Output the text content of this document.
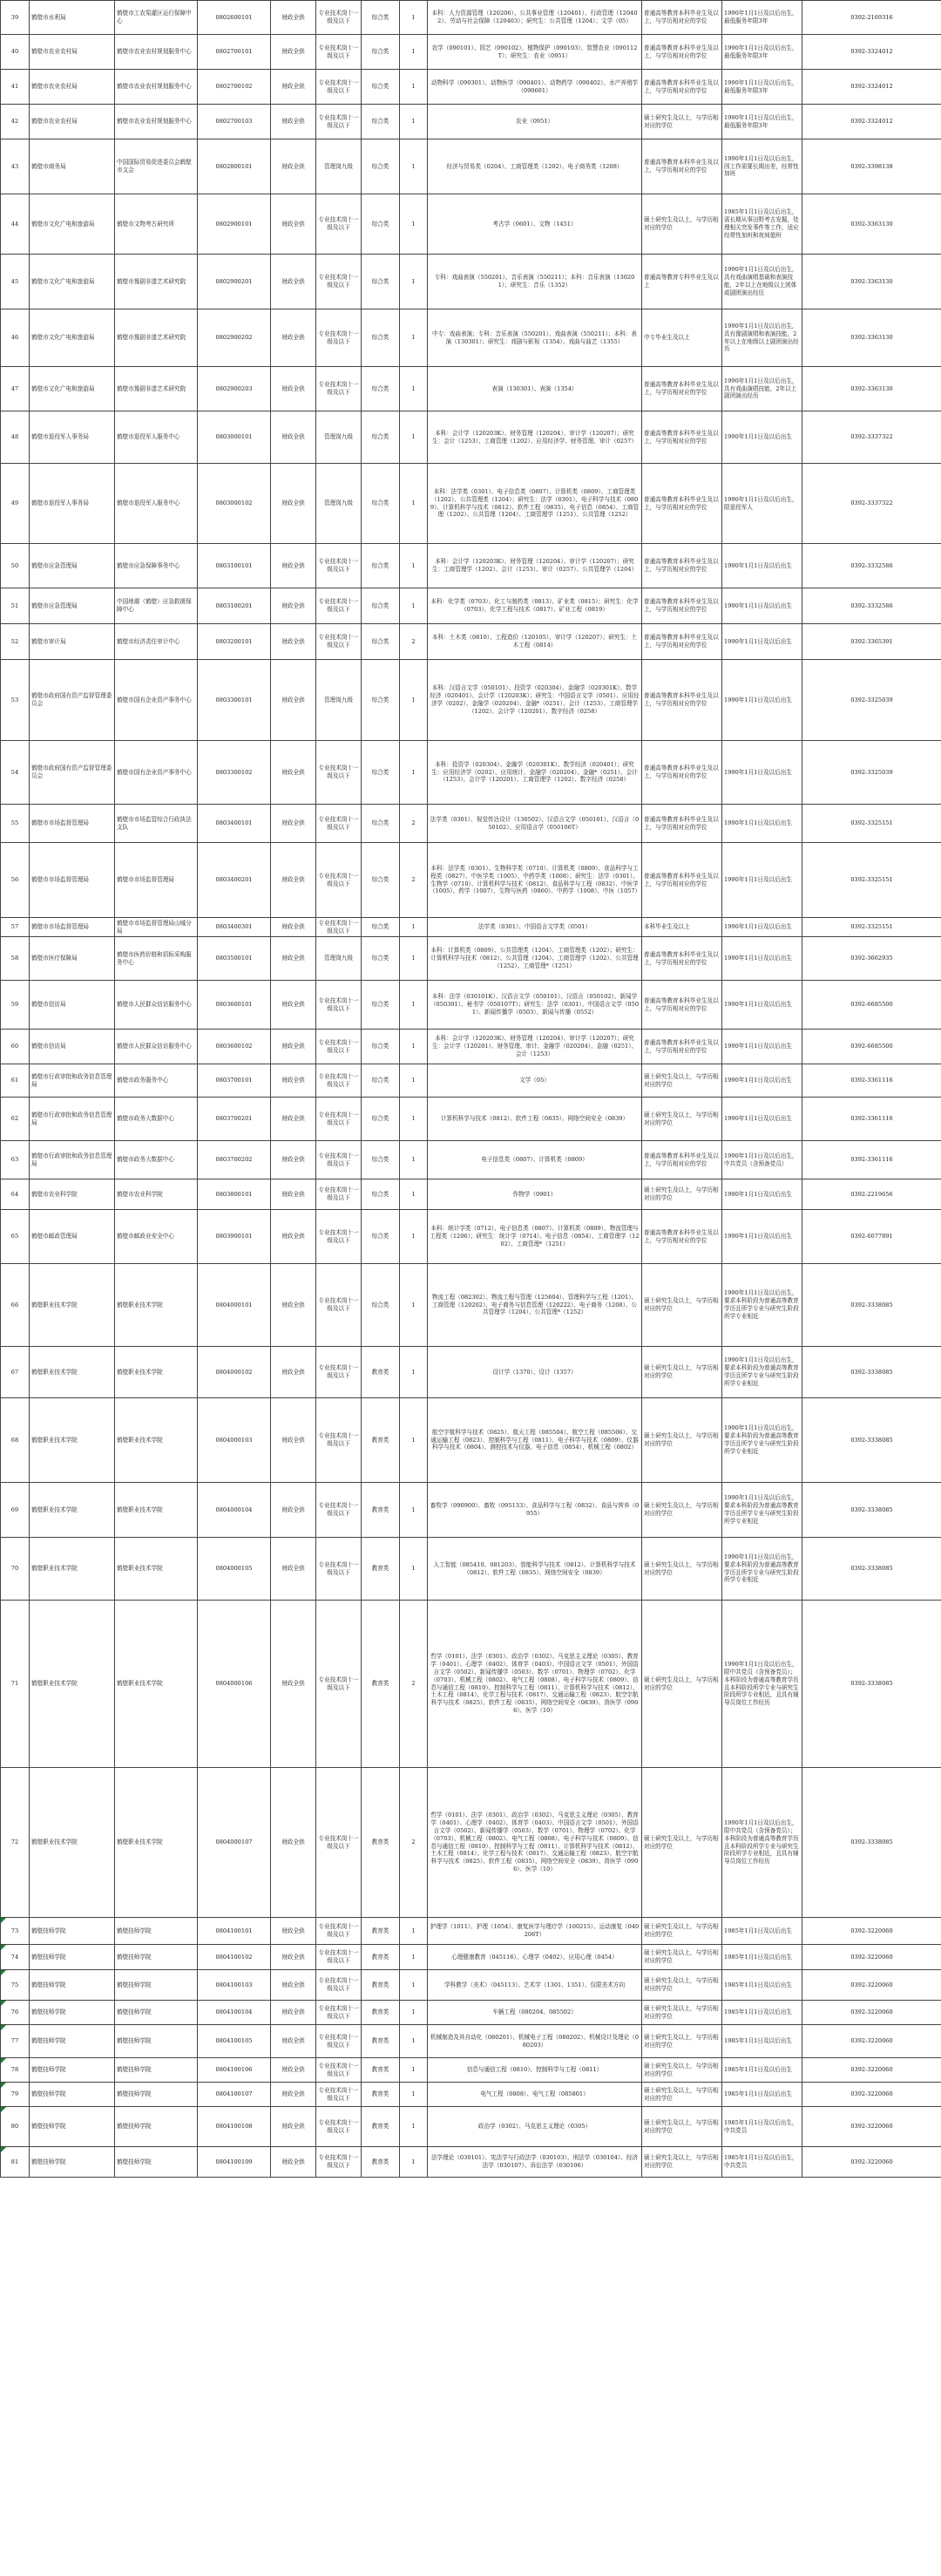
39	鹤壁市水利局	鹤壁市工农渠灌区运行保障中心	0802600101	财政全供	专业技术岗十一级及以下	综合类	1	本科：人力资源管理（120206）、公共事业管理（120401）、行政管理（120402）、劳动与社会保障（120403）；研究生：公共管理（1204）；文学（05）	普通高等教育本科毕业生及以上，与学历相对应的学位	1990年1月1日及以后出生，最低服务年限3年	0392-2169316
40	鹤壁市农业农村局	鹤壁市农业农村规划服务中心	0802700101	财政全供	专业技术岗十一级及以下	综合类	1	农学（090101）、园艺（090102）、植物保护（090103）、智慧农业（090112T）；研究生：农业（0951）	普通高等教育本科毕业生及以上，与学历相对应的学位	1990年1月1日及以后出生，最低服务年限3年	0392-3324012
41	鹤壁市农业农村局	鹤壁市农业农村规划服务中心	0802700102	财政全供	专业技术岗十一级及以下	综合类	1	动物科学（090301）、动物医学（090401）、动物药学（090402）、水产养殖学（090601）	普通高等教育本科毕业生及以上，与学历相对应的学位	1990年1月1日及以后出生，最低服务年限3年	0392-3324012
42	鹤壁市农业农村局	鹤壁市农业农村规划服务中心	0802700103	财政全供	专业技术岗十一级及以下	综合类	1	农业（0951）	硕士研究生及以上，与学历相对应的学位	1990年1月1日及以后出生，最低服务年限3年	0392-3324012
43	鹤壁市商务局	中国国际贸易促进委员会鹤壁市支会	0802800101	财政全供	管理岗九级	综合类	1	经济与贸易类（0204）、工商管理类（1202）、电子商务类（1208）	普通高等教育本科毕业生及以上，与学历相对应的学位	1990年1月1日及以后出生，因工作需要长期出差，经常性加班	0392-3398138
44	鹤壁市文化广电和旅游局	鹤壁市文物考古研究所	0802900101	财政全供	专业技术岗十一级及以下	综合类	1	考古学（0601）、文物（1451）	硕士研究生及以上，与学历相对应的学位	1985年1月1日及以后出生，需长期从事田野考古发掘，处理相关突发事件等工作，适应经常性加班和夜间值班	0392-3363130
45	鹤壁市文化广电和旅游局	鹤壁市豫剧非遗艺术研究院	0802900201	财政全供	专业技术岗十一级及以下	综合类	1	专科：戏曲表演（550201）、音乐表演（550211）；本科：音乐表演（130201）；研究生：音乐（1352）	普通高等教育专科毕业生及以上	1990年1月1日及以后出生，具有戏曲演唱基础和表演技能，2年以上在地级以上团体或剧团演出经历	0392-3363130
46	鹤壁市文化广电和旅游局	鹤壁市豫剧非遗艺术研究院	0802900202	财政全供	专业技术岗十一级及以下	综合类	1	中专：戏曲表演；专科：音乐表演（550201）、戏曲表演（550211）；本科：表演（130301）；研究生：戏剧与影视（1354）、戏曲与曲艺（1355）	中专毕业生及以上	1990年1月1日及以后出生，具有豫剧演唱和表演技能，2年以上在地级以上剧团演出经历	0392-3363130
47	鹤壁市文化广电和旅游局	鹤壁市豫剧非遗艺术研究院	0802900203	财政全供	专业技术岗十一级及以下	综合类	1	表演（130301）、表演（1354）	普通高等教育本科毕业生及以上，与学历相对应的学位	1990年1月1日及以后出生，具有戏曲演唱技能，2年以上剧团演出经历	0392-3363130
48	鹤壁市退役军人事务局	鹤壁市退役军人服务中心	0803000101	财政全供	管理岗九级	综合类	1	本科：会计学（120203K）、财务管理（120204）、审计学（120207）；研究生：会计（1253）、工商管理（1202）、应用经济学、财务管理、审计（0257）	普通高等教育本科毕业生及以上，与学历相对应的学位	1990年1月1日及以后出生	0392-3337322
49	鹤壁市退役军人事务局	鹤壁市退役军人服务中心	0803000102	财政全供	管理岗九级	综合类	1	本科：法学类（0301）、电子信息类（0807）、计算机类（0809）、工商管理类（1202）、公共管理类（1204）；研究生：法学（0301）、电子科学与技术（0809）、计算机科学与技术（0812）、软件工程（0835）、电子信息（0854）、工商管理（1202）、公共管理（1204）、工商管理学（1251）、公共管理（1252）	普通高等教育本科毕业生及以上，与学历相对应的学位	1990年1月1日及以后出生，限退役军人	0392-3337322
50	鹤壁市应急管理局	鹤壁市应急保障事务中心	0803100101	财政全供	专业技术岗十一级及以下	综合类	1	本科：会计学（120203K）、财务管理（120204）、审计学（120207）；研究生：工商管理学（1202）、会计（1253）、审计（0257）、公共管理学（1204）	普通高等教育本科毕业生及以上，与学历相对应的学位	1990年1月1日及以后出生	0392-3332586
51	鹤壁市应急管理局	中国地震（鹤壁）应急救援保障中心	0803100201	财政全供	专业技术岗十一级及以下	综合类	1	本科：化学类（0703）、化工与制药类（0813）、矿业类（0815）；研究生：化学（0703）、化学工程与技术（0817）、矿业工程（0819）	普通高等教育本科毕业生及以上，与学历相对应的学位	1990年1月1日及以后出生	0392-3332586
52	鹤壁市审计局	鹤壁市经济责任审计中心	0803200101	财政全供	专业技术岗十一级及以下	综合类	2	本科：土木类（0810）、工程造价（120105）、审计学（120207）；研究生：土木工程（0814）	普通高等教育本科毕业生及以上，与学历相对应的学位	1990年1月1日及以后出生	0392-3365391
53	鹤壁市政府国有资产监督管理委员会	鹤壁市国有企业资产事务中心	0803300101	财政全供	管理岗九级	综合类	1	本科：汉语言文学（050101）、投资学（020304）、金融学（020301K）、数学经济（020401）、会计学（120203K）；研究生：中国语言文学（0501）、应用经济学（0202）、金融学（020204）、金融*（0251）、会计（1253）、工商管理学（1202）、会计学（120201）、数字经济（0258）	普通高等教育本科毕业生及以上，与学历相对应的学位	1990年1月1日及以后出生	0392-3325039
54	鹤壁市政府国有资产监督管理委员会	鹤壁市国有企业资产事务中心	0803300102	财政全供	专业技术岗十一级及以下	综合类	1	本科：投资学（020304）、金融学（020301K）、数学经济（020401）；研究生：应用经济学（0202）、应用统计、金融学（020204）、金融*（0251）、会计（1253）、会计学（120201）、工商管理学（1202）、数字经济（0258）	普通高等教育本科毕业生及以上，与学历相对应的学位	1990年1月1日及以后出生	0392-3325039
55	鹤壁市市场监督管理局	鹤壁市市场监管综合行政执法支队	0803400101	财政全供	专业技术岗十一级及以下	综合类	2	法学类（0301）、视觉传达设计（130502）、汉语言文学（050101）、汉语言（050102）、应用语言学（050106T）	普通高等教育本科毕业生及以上，与学历相对应的学位	1990年1月1日及以后出生	0392-3325151
56	鹤壁市市场监督管理局	鹤壁市市场监督管理局	0803400201	财政全供	专业技术岗十一级及以下	综合类	2	本科：法学类（0301）、生物科学类（0710）、计算机类（0809）、食品科学与工程类（0827）、中医学类（1005）、中药学类（1008）；研究生：法学（0301）、生物学（0710）、计算机科学与技术（0812）、食品科学与工程（0832）、中医学（1005）、药学（1007）、生物与医药（0860）、中药学（1008）、中医（1057）	普通高等教育本科毕业生及以上，与学历相对应的学位	1990年1月1日及以后出生	0392-3325151
57	鹤壁市市场监督管理局	鹤壁市市场监督管理局山城分局	0803400301	财政全供	专业技术岗十一级及以下	综合类	1	法学类（0301）、中国语言文学类（0501）	本科毕业生及以上	1990年1月1日及以后出生	0392-3325151
58	鹤壁市医疗保障局	鹤壁市医药价格和招标采购服务中心	0803500101	财政全供	管理岗九级	综合类	1	本科：计算机类（0809）、公共管理类（1204）、工商管理类（1202）；研究生：计算机科学与技术（0812）、公共管理（1204）、工商管理学（1202）、公共管理（1252）、工商管理*（1251）	普通高等教育本科毕业生及以上，与学历相对应的学位	1990年1月1日及以后出生	0392-3662935
59	鹤壁市信访局	鹤壁市人民群众信访服务中心	0803600101	财政全供	专业技术岗十一级及以下	综合类	1	本科：法学（030101K）、汉语言文学（050101）、汉语言（050102）、新闻学（050301）、秘书学（050107T）；研究生：法学（0301）、中国语言文学（0501）、新闻传播学（0503）、新闻与传播（0552）	普通高等教育本科毕业生及以上，与学历相对应的学位	1990年1月1日及以后出生	0392-6685500
60	鹤壁市信访局	鹤壁市人民群众信访服务中心	0803600102	财政全供	专业技术岗十一级及以下	综合类	1	本科：会计学（120203K）、财务管理（120204）、审计学（120207）；研究生：会计学（120201）、财务管理、审计、金融学（020204）、金融（0251）、会计（1253）	普通高等教育本科毕业生及以上，与学历相对应的学位	1990年1月1日及以后出生	0392-6685500
61	鹤壁市行政审批和政务信息管理局	鹤壁市政务服务中心	0803700101	财政全供	专业技术岗十一级及以下	综合类	1	文学（05）	硕士研究生及以上，与学历相对应的学位	1990年1月1日及以后出生	0392-3361116
62	鹤壁市行政审批和政务信息管理局	鹤壁市政务大数据中心	0803700201	财政全供	专业技术岗十一级及以下	综合类	1	计算机科学与技术（0812）、软件工程（0835）、网络空间安全（0839）	硕士研究生及以上，与学历相对应的学位	1990年1月1日及以后出生	0392-3361116
63	鹤壁市行政审批和政务信息管理局	鹤壁市政务大数据中心	0803700202	财政全供	专业技术岗十一级及以下	综合类	1	电子信息类（0807）、计算机类（0809）	普通高等教育本科毕业生及以上，与学历相对应的学位	1990年1月1日及以后出生，中共党员（含预备党员）	0392-3361116
64	鹤壁市农业科学院	鹤壁市农业科学院	0803800101	财政全供	专业技术岗十一级及以下	综合类	1	作物学（0901）	硕士研究生及以上，与学历相对应的学位	1990年1月1日及以后出生	0392-2219656
65	鹤壁市邮政管理局	鹤壁市邮政业安全中心	0803900101	财政全供	专业技术岗十一级及以下	综合类	1	本科：统计学类（0712）、电子信息类（0807）、计算机类（0809）、物流管理与工程类（1206）；研究生：统计学（0714）、电子信息（0854）、工商管理学（1202）、工商管理*（1251）	普通高等教育本科毕业生及以上，与学历相对应的学位	1990年1月1日及以后出生	0392-6077891
66	鹤壁职业技术学院	鹤壁职业技术学院	0804000101	财政全供	专业技术岗十一级及以下	综合类	1	物流工程（082302）、物流工程与管理（125604）、管理科学与工程（1201）、工商管理（120202）、电子商务与信息管理（120222）、电子商务（1208）、公共管理学（1204）、公共管理*（1252）	硕士研究生及以上，与学历相对应的学位	1990年1月1日及以后出生，要求本科阶段为普通高等教育学历且所学专业与研究生阶段所学专业相近	0392-3338085
67	鹤壁职业技术学院	鹤壁职业技术学院	0804000102	财政全供	专业技术岗十一级及以下	教育类	1	设计学（1370）、设计（1357）	硕士研究生及以上，与学历相对应的学位	1990年1月1日及以后出生，要求本科阶段为普通高等教育学历且所学专业与研究生阶段所学专业相近	0392-3338085
68	鹤壁职业技术学院	鹤壁职业技术学院	0804000103	财政全供	专业技术岗十一级及以下	教育类	1	航空宇航科学与技术（0825）、航天工程（085504）、航空工程（085506）、交通运输工程（0823）、控制科学与工程（0811）、电子科学与技术（0809）、仪器科学与技术（0804）、测控技术与仪器、电子信息（0854）、机械工程（0802）	硕士研究生及以上，与学历相对应的学位	1990年1月1日及以后出生，要求本科阶段为普通高等教育学历且所学专业与研究生阶段所学专业相近	0392-3338085
69	鹤壁职业技术学院	鹤壁职业技术学院	0804000104	财政全供	专业技术岗十一级及以下	教育类	1	畜牧学（090900）、畜牧（095133）、食品科学与工程（0832）、食品与营养（0955）	硕士研究生及以上，与学历相对应的学位	1990年1月1日及以后出生，要求本科阶段为普通高等教育学历且所学专业与研究生阶段所学专业相近	0392-3338085
70	鹤壁职业技术学院	鹤壁职业技术学院	0804000105	财政全供	专业技术岗十一级及以下	教育类	1	人工智能（085410、081203）、智能科学与技术（0812）、计算机科学与技术（0812）、软件工程（0835）、网络空间安全（0839）	硕士研究生及以上，与学历相对应的学位	1990年1月1日及以后出生，要求本科阶段为普通高等教育学历且所学专业与研究生阶段所学专业相近	0392-3338085
71	鹤壁职业技术学院	鹤壁职业技术学院	0804000106	财政全供	专业技术岗十一级及以下	教育类	2	哲学（0101）、法学（0301）、政治学（0302）、马克思主义理论（0305）、教育学（0401）、心理学（0402）、体育学（0403）、中国语言文学（0501）、外国语言文学（0502）、新闻传播学（0503）、数学（0701）、物理学（0702）、化学（0703）、机械工程（0802）、电气工程（0808）、电子科学与技术（0809）、信息与通信工程（0810）、控制科学与工程（0811）、计算机科学与技术（0812）、土木工程（0814）、化学工程与技术（0817）、交通运输工程（0823）、航空宇航科学与技术（0825）、软件工程（0835）、网络空间安全（0839）、兽医学（0906）、医学（10）	硕士研究生及以上，与学历相对应的学位	1990年1月1日及以后出生，限中共党员（含预备党员）；本科阶段为普通高等教育学历且本科阶段所学专业与研究生阶段所学专业相近，且具有辅导员岗位工作经历	0392-3338085
72	鹤壁职业技术学院	鹤壁职业技术学院	0804000107	财政全供	专业技术岗十一级及以下	教育类	2	哲学（0101）、法学（0301）、政治学（0302）、马克思主义理论（0305）、教育学（0401）、心理学（0402）、体育学（0403）、中国语言文学（0501）、外国语言文学（0502）、新闻传播学（0503）、数学（0701）、物理学（0702）、化学（0703）、机械工程（0802）、电气工程（0808）、电子科学与技术（0809）、信息与通信工程（0810）、控制科学与工程（0811）、计算机科学与技术（0812）、土木工程（0814）、化学工程与技术（0817）、交通运输工程（0823）、航空宇航科学与技术（0825）、软件工程（0835）、网络空间安全（0839）、兽医学（0906）、医学（10）	硕士研究生及以上，与学历相对应的学位	1990年1月1日及以后出生，限中共党员（含预备党员）；本科阶段为普通高等教育学历且本科阶段所学专业与研究生阶段所学专业相近，且具有辅导员岗位工作经历	0392-3338085
73	鹤壁技师学院	鹤壁技师学院	0804100101	财政全供	专业技术岗十一级及以下	教育类	1	护理学（1011）、护理（1054）、康复医学与理疗学（100215）、运动康复（040206T）	硕士研究生及以上，与学历相对应的学位	1985年1月1日及以后出生	0392-3220060
74	鹤壁技师学院	鹤壁技师学院	0804100102	财政全供	专业技术岗十一级及以下	教育类	1	心理健康教育（045116）、心理学（0402）、应用心理（0454）	硕士研究生及以上，与学历相对应的学位	1985年1月1日及以后出生	0392-3220060
75	鹤壁技师学院	鹤壁技师学院	0804100103	财政全供	专业技术岗十一级及以下	教育类	1	学科教学（美术）（045113）、艺术学（1301、1351）、仅限美术方向	硕士研究生及以上，与学历相对应的学位	1985年1月1日及以后出生	0392-3220060
76	鹤壁技师学院	鹤壁技师学院	0804100104	财政全供	专业技术岗十一级及以下	教育类	1	车辆工程（080204、085502）	硕士研究生及以上，与学历相对应的学位	1985年1月1日及以后出生	0392-3220060
77	鹤壁技师学院	鹤壁技师学院	0804100105	财政全供	专业技术岗十一级及以下	教育类	1	机械制造及其自动化（080201）、机械电子工程（080202）、机械设计及理论（080203）	硕士研究生及以上，与学历相对应的学位	1985年1月1日及以后出生	0392-3220060
78	鹤壁技师学院	鹤壁技师学院	0804100106	财政全供	专业技术岗十一级及以下	教育类	1	信息与通信工程（0810）、控制科学与工程（0811）	硕士研究生及以上，与学历相对应的学位	1985年1月1日及以后出生	0392-3220060
79	鹤壁技师学院	鹤壁技师学院	0804100107	财政全供	专业技术岗十一级及以下	教育类	1	电气工程（0808）、电气工程（085801）	硕士研究生及以上，与学历相对应的学位	1985年1月1日及以后出生	0392-3220060
80	鹤壁技师学院	鹤壁技师学院	0804100108	财政全供	专业技术岗十一级及以下	教育类	1	政治学（0302）、马克思主义理论（0305）	硕士研究生及以上，与学历相对应的学位	1985年1月1日及以后出生，中共党员	0392-3220060
81	鹤壁技师学院	鹤壁技师学院	0804100109	财政全供	专业技术岗十一级及以下	教育类	1	法学理论（030101）、宪法学与行政法学（030103）、刑法学（030104）、经济法学（030107）、诉讼法学（030106）	硕士研究生及以上，与学历相对应的学位	1985年1月1日及以后出生，中共党员	0392-3220060
